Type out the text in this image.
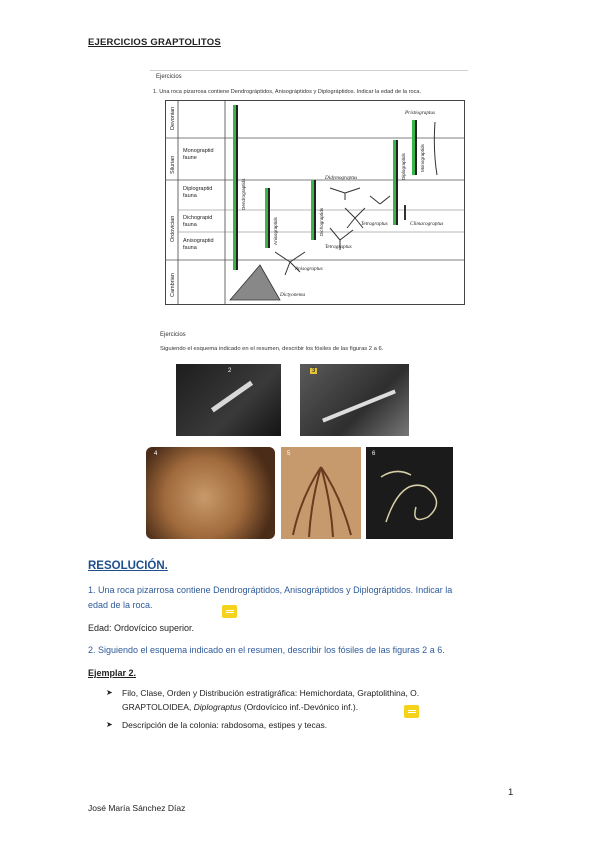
EJERCICIOS GRAPTOLITOS
Ejercicios
1. Una roca pizarrosa contiene Dendrográptidos, Anisográptidos y Diplográptidos. Indicar la edad de la roca.
Devonian
Silurian
Ordovician
Cambrian
Monograptid faune
Diplograptid fauna
Dichograpid fauna
Anisograptid fauna
Dendrograptids
Anisograptids	Dichograptids
Diplograptids	Monograptids
Pristiograptus
Didymograptus
Tetragraptus
Tetragraptus
Climacograptus
Anisograptus
Dictyonema
Ejercicios
Siguiendo el esquema indicado en el resumen, describir los fósiles de las figuras 2 a 6.
2	3
4	5	6
RESOLUCIÓN.
1. Una roca pizarrosa contiene Dendrográptidos, Anisográptidos y Diplográptidos. Indicar la
edad de la roca.
Edad: Ordovícico superior.
2. Siguiendo el esquema indicado en el resumen, describir los fósiles de las figuras 2 a 6.
Ejemplar 2.
➤ Filo, Clase, Orden y Distribución estratigráfica: Hemichordata, Graptolithina, O.
GRAPTOLOIDEA, Diplograptus (Ordovícico inf.-Devónico inf.).
➤ Descripción de la colonia: rabdosoma, estipes y tecas.
1
José María Sánchez Díaz
